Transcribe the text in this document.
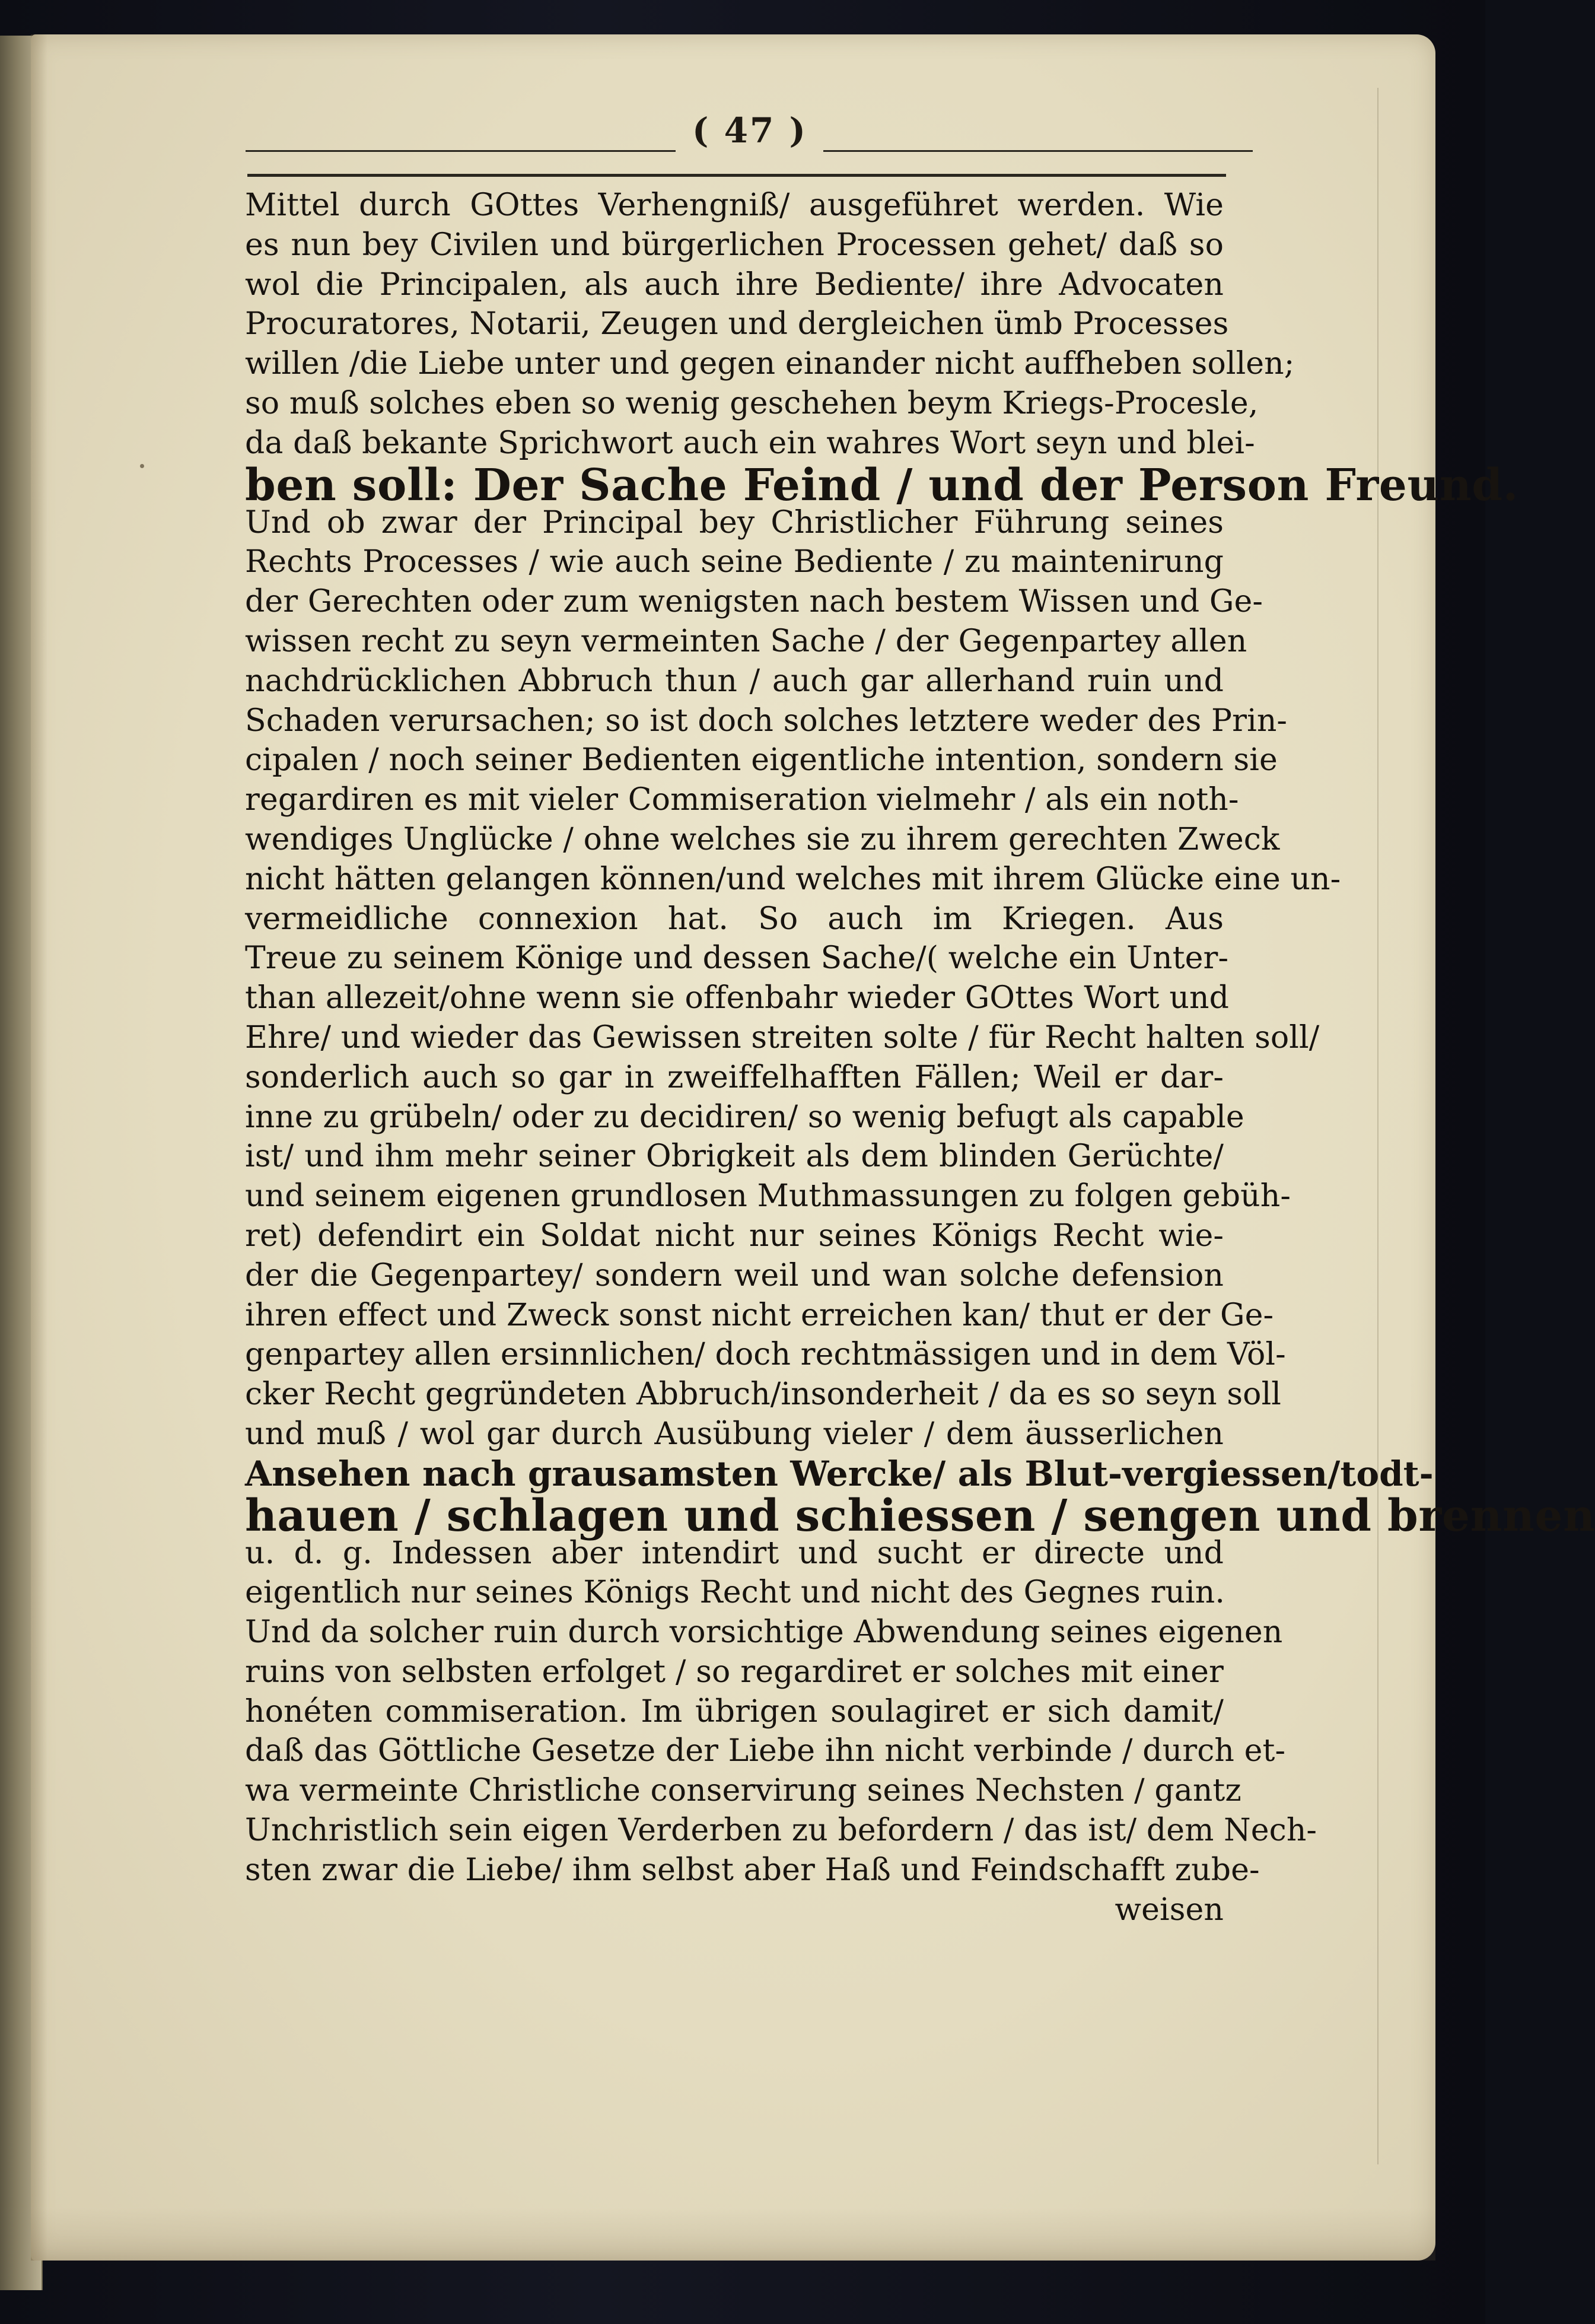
( 47 )
Mittel durch GOttes Verhengniß/ ausgeführet werden. Wie
es nun bey Civilen und bürgerlichen Processen gehet/ daß so
wol die Principalen, als auch ihre Bediente/ ihre Advocaten
Procuratores, Notarii, Zeugen und dergleichen ümb Processes
willen /die Liebe unter und gegen einander nicht auffheben sollen;
so muß solches eben so wenig geschehen beym Kriegs-Procesle,
da daß bekante Sprichwort auch ein wahres Wort seyn und blei-
ben soll: Der Sache Feind / und der Person Freund.
Und ob zwar der Principal bey Christlicher Führung seines
Rechts Processes / wie auch seine Bediente / zu maintenirung
der Gerechten oder zum wenigsten nach bestem Wissen und Ge-
wissen recht zu seyn vermeinten Sache / der Gegenpartey allen
nachdrücklichen Abbruch thun / auch gar allerhand ruin und
Schaden verursachen; so ist doch solches letztere weder des Prin-
cipalen / noch seiner Bedienten eigentliche intention, sondern sie
regardiren es mit vieler Commiseration vielmehr / als ein noth-
wendiges Unglücke / ohne welches sie zu ihrem gerechten Zweck
nicht hätten gelangen können/und welches mit ihrem Glücke eine un-
vermeidliche connexion hat. So auch im Kriegen. Aus
Treue zu seinem Könige und dessen Sache/( welche ein Unter-
than allezeit/ohne wenn sie offenbahr wieder GOttes Wort und
Ehre/ und wieder das Gewissen streiten solte / für Recht halten soll/
sonderlich auch so gar in zweiffelhafften Fällen; Weil er dar-
inne zu grübeln/ oder zu decidiren/ so wenig befugt als capable
ist/ und ihm mehr seiner Obrigkeit als dem blinden Gerüchte/
und seinem eigenen grundlosen Muthmassungen zu folgen gebüh-
ret) defendirt ein Soldat nicht nur seines Königs Recht wie-
der die Gegenpartey/ sondern weil und wan solche defension
ihren effect und Zweck sonst nicht erreichen kan/ thut er der Ge-
genpartey allen ersinnlichen/ doch rechtmässigen und in dem Völ-
cker Recht gegründeten Abbruch/insonderheit / da es so seyn soll
und muß / wol gar durch Ausübung vieler / dem äusserlichen
Ansehen nach grausamsten Wercke/ als Blut-vergiessen/todt-
hauen / schlagen und schiessen / sengen und brennen
u. d. g. Indessen aber intendirt und sucht er directe und
eigentlich nur seines Königs Recht und nicht des Gegnes ruin.
Und da solcher ruin durch vorsichtige Abwendung seines eigenen
ruins von selbsten erfolget / so regardiret er solches mit einer
honéten commiseration. Im übrigen soulagiret er sich damit/
daß das Göttliche Gesetze der Liebe ihn nicht verbinde / durch et-
wa vermeinte Christliche conservirung seines Nechsten / gantz
Unchristlich sein eigen Verderben zu befordern / das ist/ dem Nech-
sten zwar die Liebe/ ihm selbst aber Haß und Feindschafft zube-
weisen
